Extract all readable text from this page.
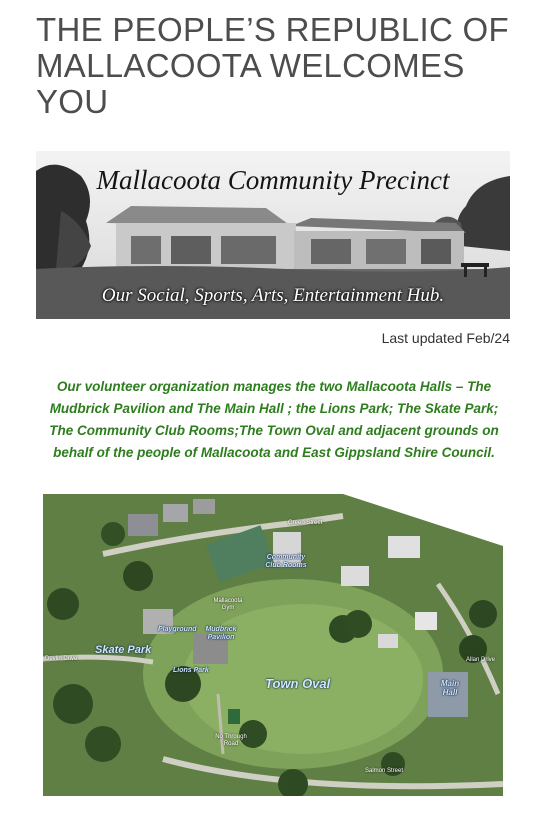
THE PEOPLE’S REPUBLIC OF MALLACOOTA WELCOMES YOU
Mallacoota Community Precinct
Our Social, Sports, Arts, Entertainment Hub.
Last updated Feb/24

Our volunteer organization manages the two Mallacoota Halls – The Mudbrick Pavilion and The Main Hall ; the Lions Park; The Skate Park; The Community Club Rooms;The Town Oval and adjacent grounds on behalf of the people of Mallacoota and East Gippsland Shire Council.

Green Street
Community Club Rooms
Mallacoota Gym
Playground	Mudbrick Pavilion
Lions Park
Skate Park
Devlin Drive
No Through Road
Town Oval
Allan Drive
Main Hall
Salmon Street
